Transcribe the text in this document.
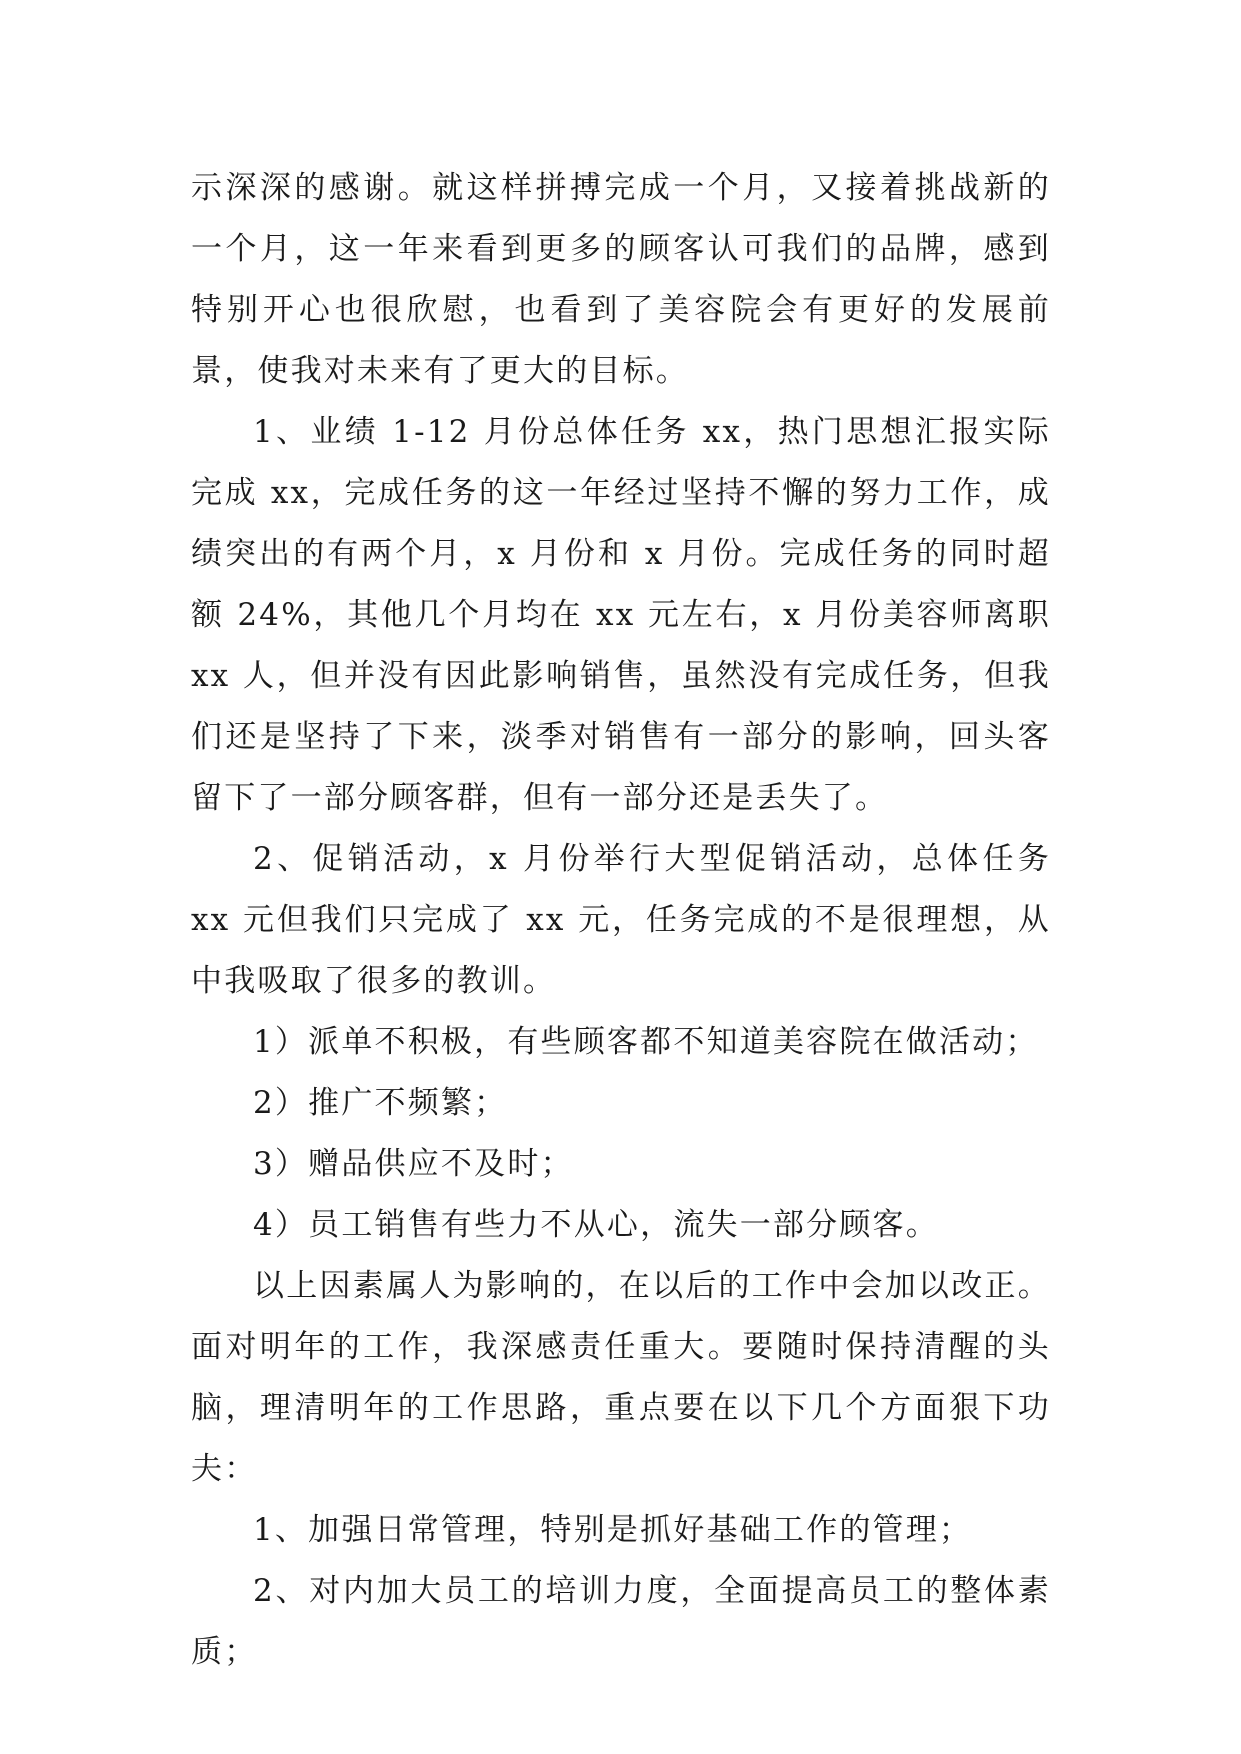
示深深的感谢。就这样拼搏完成一个月，又接着挑战新的一个月，这一年来看到更多的顾客认可我们的品牌，感到特别开心也很欣慰，也看到了美容院会有更好的发展前景，使我对未来有了更大的目标。

1、业绩 1-12 月份总体任务 xx，热门思想汇报实际完成 xx，完成任务的这一年经过坚持不懈的努力工作，成绩突出的有两个月，x 月份和 x 月份。完成任务的同时超额 24%，其他几个月均在 xx 元左右，x 月份美容师离职 xx 人，但并没有因此影响销售，虽然没有完成任务，但我们还是坚持了下来，淡季对销售有一部分的影响，回头客留下了一部分顾客群，但有一部分还是丢失了。

2、促销活动，x 月份举行大型促销活动，总体任务 xx 元但我们只完成了 xx 元，任务完成的不是很理想，从中我吸取了很多的教训。

1）派单不积极，有些顾客都不知道美容院在做活动；

2）推广不频繁；

3）赠品供应不及时；

4）员工销售有些力不从心，流失一部分顾客。

以上因素属人为影响的，在以后的工作中会加以改正。面对明年的工作，我深感责任重大。要随时保持清醒的头脑，理清明年的工作思路，重点要在以下几个方面狠下功夫：

1、加强日常管理，特别是抓好基础工作的管理；

2、对内加大员工的培训力度，全面提高员工的整体素质；
